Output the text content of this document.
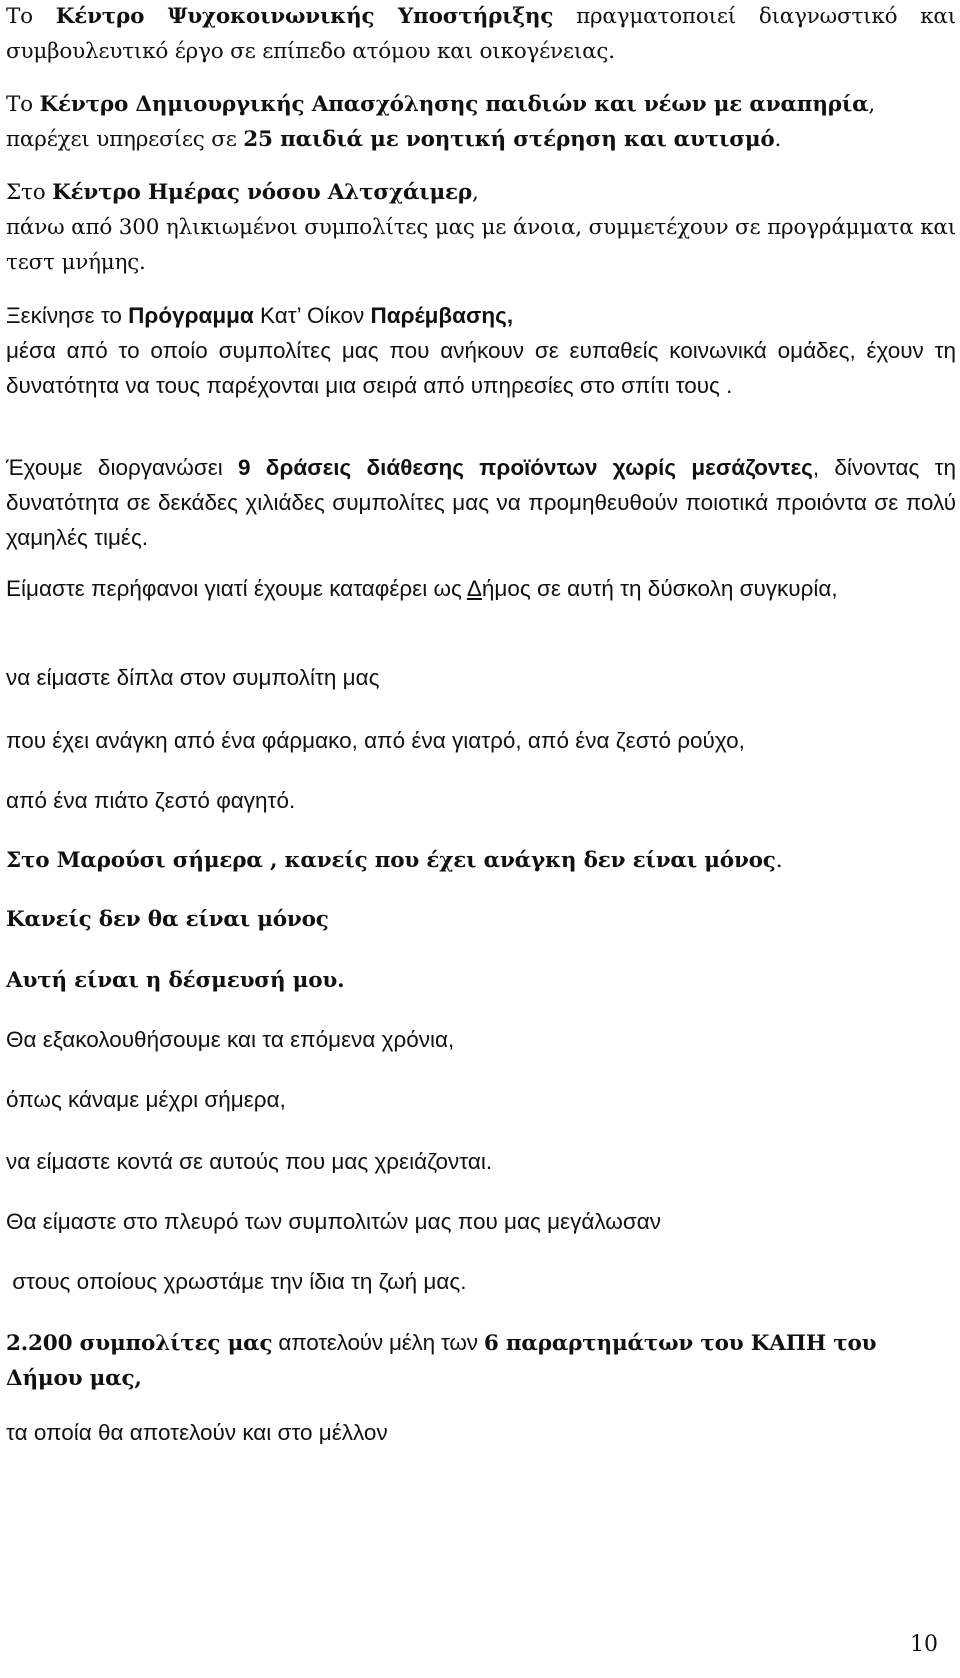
Το Κέντρο Ψυχοκοινωνικής Υποστήριξης πραγματοποιεί διαγνωστικό και συμβουλευτικό έργο σε επίπεδο ατόμου και οικογένειας.

Το Κέντρο Δημιουργικής Απασχόλησης παιδιών και νέων με αναπηρία, παρέχει υπηρεσίες σε 25 παιδιά με νοητική στέρηση και αυτισμό.

Στο Κέντρο Ημέρας νόσου Αλτσχάιμερ,
πάνω από 300 ηλικιωμένοι συμπολίτες μας με άνοια, συμμετέχουν σε προγράμματα και τεστ μνήμης.

Ξεκίνησε το Πρόγραμμα Κατ’ Οίκον Παρέμβασης,
μέσα από το οποίο συμπολίτες μας που ανήκουν σε ευπαθείς κοινωνικά ομάδες, έχουν τη δυνατότητα να τους παρέχονται μια σειρά από υπηρεσίες στο σπίτι τους .

Έχουμε διοργανώσει 9 δράσεις διάθεσης προϊόντων χωρίς μεσάζοντες, δίνοντας τη δυνατότητα σε δεκάδες χιλιάδες συμπολίτες μας να προμηθευθούν ποιοτικά προιόντα σε πολύ χαμηλές τιμές.

Είμαστε περήφανοι γιατί έχουμε καταφέρει ως Δήμος σε αυτή τη δύσκολη συγκυρία,

να είμαστε δίπλα στον συμπολίτη μας

που έχει ανάγκη από ένα φάρμακο, από ένα γιατρό, από ένα ζεστό ρούχο,

από ένα πιάτο ζεστό φαγητό.

Στο Μαρούσι σήμερα , κανείς που έχει ανάγκη δεν είναι μόνος.

Κανείς δεν θα είναι μόνος

Αυτή είναι η δέσμευσή μου.

Θα εξακολουθήσουμε και τα επόμενα χρόνια,

όπως κάναμε μέχρι σήμερα,

να είμαστε κοντά σε αυτούς που μας χρειάζονται.

Θα είμαστε στο πλευρό των συμπολιτών μας που μας μεγάλωσαν

στους οποίους χρωστάμε την ίδια τη ζωή μας.

2.200 συμπολίτες μας αποτελούν μέλη των 6 παραρτημάτων του ΚΑΠΗ του Δήμου μας,

τα οποία θα αποτελούν και στο μέλλον

10
